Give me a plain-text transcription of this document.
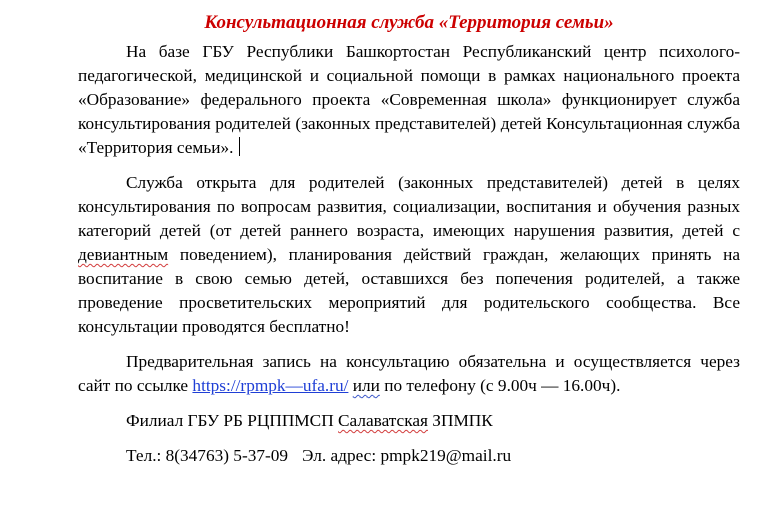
Консультационная служба «Территория семьи»

На базе ГБУ Республики Башкортостан Республиканский центр психолого-педагогической, медицинской и социальной помощи в рамках национального проекта «Образование» федерального проекта «Современная школа» функционирует служба консультирования родителей (законных представителей) детей Консультационная служба «Территория семьи».

Служба открыта для родителей (законных представителей) детей в целях консультирования по вопросам развития, социализации, воспитания и обучения разных категорий детей (от детей раннего возраста, имеющих нарушения развития, детей с девиантным поведением), планирования действий граждан, желающих принять на воспитание в свою семью детей, оставшихся без попечения родителей, а также проведение просветительских мероприятий для родительского сообщества. Все консультации проводятся бесплатно!

Предварительная запись на консультацию обязательна и осуществляется через сайт по ссылке https://rpmpk—ufa.ru/ или по телефону (с 9.00ч — 16.00ч).

Филиал ГБУ РБ РЦППМСП Салаватская ЗПМПК

Тел.: 8(34763) 5-37-09 Эл. адрес: pmpk219@mail.ru
